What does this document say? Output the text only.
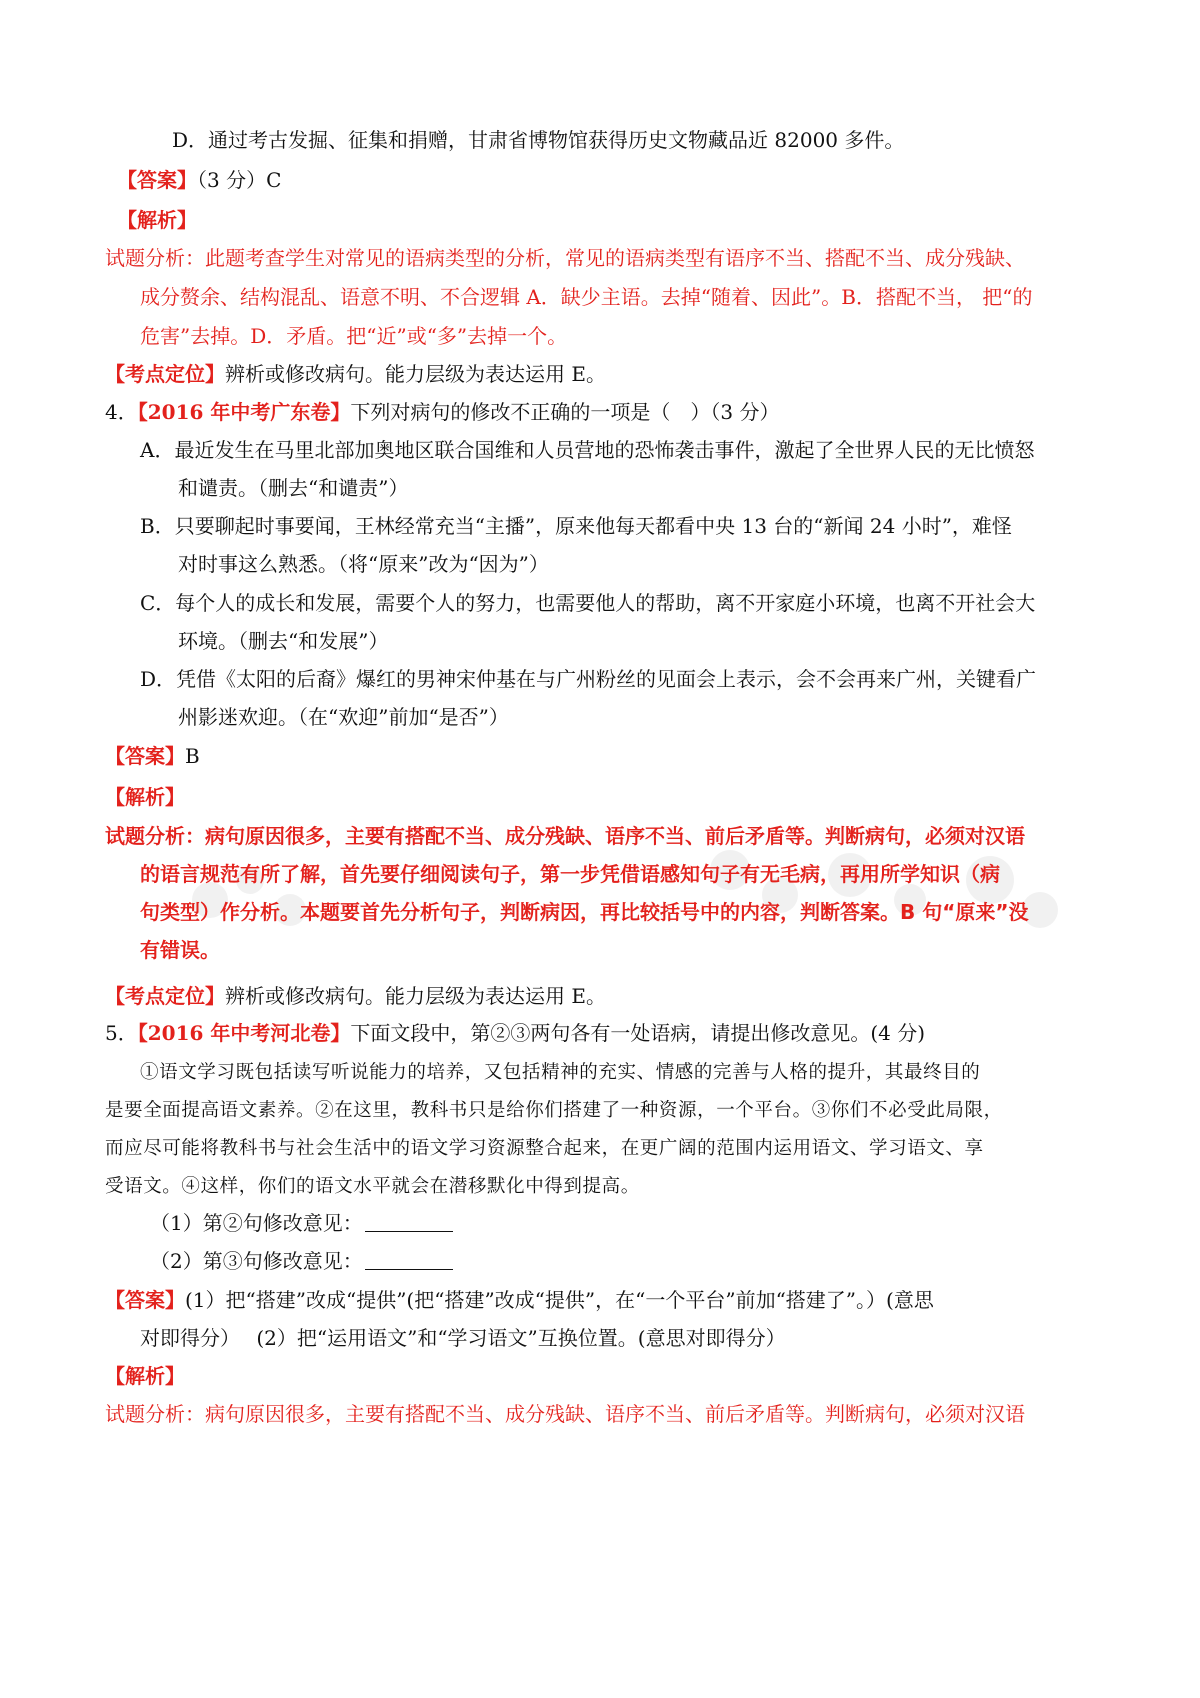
D．通过考古发掘、征集和捐赠，甘肃省博物馆获得历史文物藏品近 82000 多件。
【答案】（3 分）C
【解析】
试题分析：此题考查学生对常见的语病类型的分析，常见的语病类型有语序不当、搭配不当、成分残缺、
成分赘余、结构混乱、语意不明、不合逻辑 A．缺少主语。去掉“随着、因此”。B．搭配不当， 把“的
危害”去掉。D．矛盾。把“近”或“多”去掉一个。
【考点定位】辨析或修改病句。能力层级为表达运用 E。
4．【2016 年中考广东卷】下列对病句的修改不正确的一项是（　）（3 分）
A．最近发生在马里北部加奥地区联合国维和人员营地的恐怖袭击事件，激起了全世界人民的无比愤怒
和谴责。（删去“和谴责”）
B．只要聊起时事要闻，王林经常充当“主播”，原来他每天都看中央 13 台的“新闻 24 小时”，难怪
对时事这么熟悉。（将“原来”改为“因为”）
C．每个人的成长和发展，需要个人的努力，也需要他人的帮助，离不开家庭小环境，也离不开社会大
环境。（删去“和发展”）
D．凭借《太阳的后裔》爆红的男神宋仲基在与广州粉丝的见面会上表示，会不会再来广州，关键看广
州影迷欢迎。（在“欢迎”前加“是否”）
【答案】B
【解析】
试题分析：病句原因很多，主要有搭配不当、成分残缺、语序不当、前后矛盾等。判断病句，必须对汉语
的语言规范有所了解，首先要仔细阅读句子，第一步凭借语感知句子有无毛病，再用所学知识（病
句类型）作分析。本题要首先分析句子，判断病因，再比较括号中的内容，判断答案。B 句“原来”没
有错误。
【考点定位】辨析或修改病句。能力层级为表达运用 E。
5．【2016 年中考河北卷】下面文段中，第②③两句各有一处语病，请提出修改意见。(4 分)
①语文学习既包括读写听说能力的培养，又包括精神的充实、情感的完善与人格的提升，其最终目的
是要全面提高语文素养。②在这里，教科书只是给你们搭建了一种资源，一个平台。③你们不必受此局限，
而应尽可能将教科书与社会生活中的语文学习资源整合起来，在更广阔的范围内运用语文、学习语文、享
受语文。④这样，你们的语文水平就会在潜移默化中得到提高。
（1）第②句修改意见：
（2）第③句修改意见：
【答案】(1）把“搭建”改成“提供”(把“搭建”改成“提供”，在“一个平台”前加“搭建了”。）(意思
对即得分）　 (2）把“运用语文”和“学习语文”互换位置。(意思对即得分）
【解析】
试题分析：病句原因很多，主要有搭配不当、成分残缺、语序不当、前后矛盾等。判断病句，必须对汉语
